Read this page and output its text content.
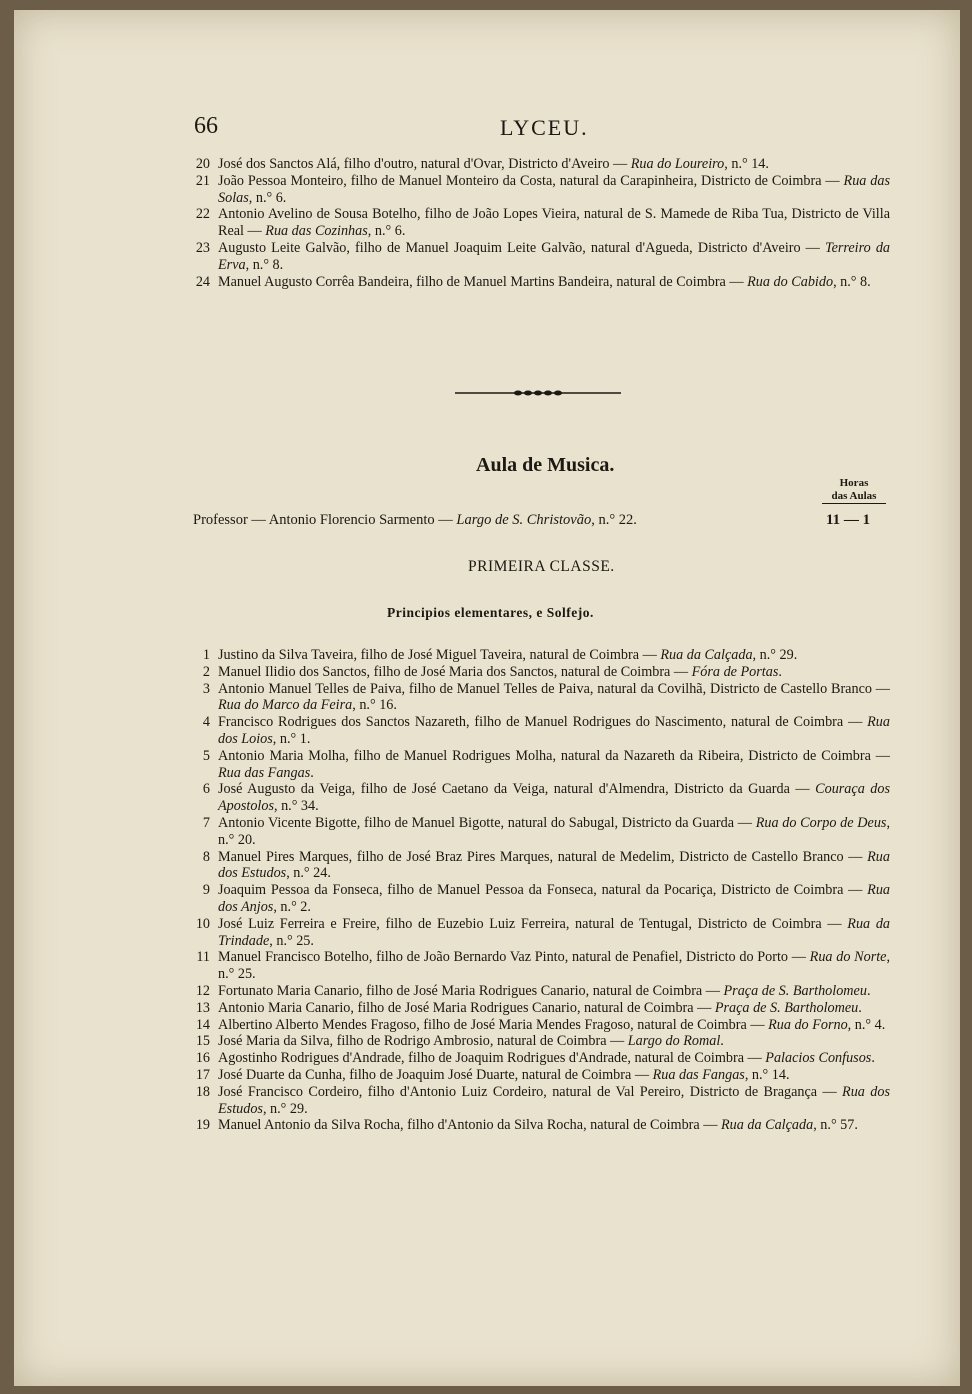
66	LYCEU.
20 José dos Sanctos Alá, filho d'outro, natural d'Ovar, Districto d'Aveiro — Rua do Loureiro, n.° 14.
21 João Pessoa Monteiro, filho de Manuel Monteiro da Costa, natural da Carapinheira, Districto de Coimbra — Rua das Solas, n.° 6.
22 Antonio Avelino de Sousa Botelho, filho de João Lopes Vieira, natural de S. Mamede de Riba Tua, Districto de Villa Real — Rua das Cozinhas, n.° 6.
23 Augusto Leite Galvão, filho de Manuel Joaquim Leite Galvão, natural d'Agueda, Districto d'Aveiro — Terreiro da Erva, n.° 8.
24 Manuel Augusto Corrêa Bandeira, filho de Manuel Martins Bandeira, natural de Coimbra — Rua do Cabido, n.° 8.
Aula de Musica.
Horas
das Aulas
Professor — Antonio Florencio Sarmento — Largo de S. Christovão, n.° 22.	11 — 1
PRIMEIRA CLASSE.
Principios elementares, e Solfejo.
1 Justino da Silva Taveira, filho de José Miguel Taveira, natural de Coimbra — Rua da Calçada, n.° 29.
2 Manuel Ilidio dos Sanctos, filho de José Maria dos Sanctos, natural de Coimbra — Fóra de Portas.
3 Antonio Manuel Telles de Paiva, filho de Manuel Telles de Paiva, natural da Covilhã, Districto de Castello Branco — Rua do Marco da Feira, n.° 16.
4 Francisco Rodrigues dos Sanctos Nazareth, filho de Manuel Rodrigues do Nascimento, natural de Coimbra — Rua dos Loios, n.° 1.
5 Antonio Maria Molha, filho de Manuel Rodrigues Molha, natural da Nazareth da Ribeira, Districto de Coimbra — Rua das Fangas.
6 José Augusto da Veiga, filho de José Caetano da Veiga, natural d'Almendra, Districto da Guarda — Couraça dos Apostolos, n.° 34.
7 Antonio Vicente Bigotte, filho de Manuel Bigotte, natural do Sabugal, Districto da Guarda — Rua do Corpo de Deus, n.° 20.
8 Manuel Pires Marques, filho de José Braz Pires Marques, natural de Medelim, Districto de Castello Branco — Rua dos Estudos, n.° 24.
9 Joaquim Pessoa da Fonseca, filho de Manuel Pessoa da Fonseca, natural da Pocariça, Districto de Coimbra — Rua dos Anjos, n.° 2.
10 José Luiz Ferreira e Freire, filho de Euzebio Luiz Ferreira, natural de Tentugal, Districto de Coimbra — Rua da Trindade, n.° 25.
11 Manuel Francisco Botelho, filho de João Bernardo Vaz Pinto, natural de Penafiel, Districto do Porto — Rua do Norte, n.° 25.
12 Fortunato Maria Canario, filho de José Maria Rodrigues Canario, natural de Coimbra — Praça de S. Bartholomeu.
13 Antonio Maria Canario, filho de José Maria Rodrigues Canario, natural de Coimbra — Praça de S. Bartholomeu.
14 Albertino Alberto Mendes Fragoso, filho de José Maria Mendes Fragoso, natural de Coimbra — Rua do Forno, n.° 4.
15 José Maria da Silva, filho de Rodrigo Ambrosio, natural de Coimbra — Largo do Romal.
16 Agostinho Rodrigues d'Andrade, filho de Joaquim Rodrigues d'Andrade, natural de Coimbra — Palacios Confusos.
17 José Duarte da Cunha, filho de Joaquim José Duarte, natural de Coimbra — Rua das Fangas, n.° 14.
18 José Francisco Cordeiro, filho d'Antonio Luiz Cordeiro, natural de Val Pereiro, Districto de Bragança — Rua dos Estudos, n.° 29.
19 Manuel Antonio da Silva Rocha, filho d'Antonio da Silva Rocha, natural de Coimbra — Rua da Calçada, n.° 57.
